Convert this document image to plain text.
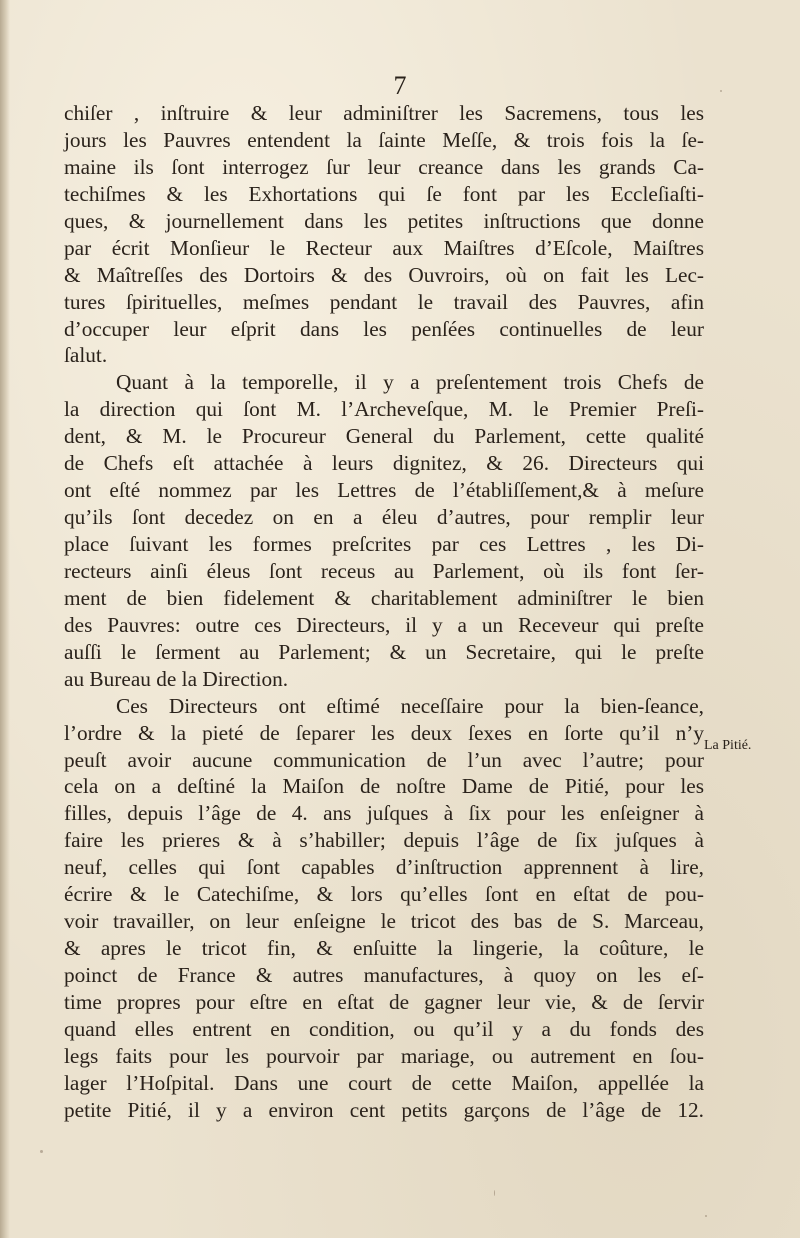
7
chiſer , inſtruire & leur adminiſtrer les Sacremens, tous les
jours les Pauvres entendent la ſainte Meſſe, & trois fois la ſe-
maine ils ſont interrogez ſur leur creance dans les grands Ca-
techiſmes & les Exhortations qui ſe font par les Eccleſiaſti-
ques, & journellement dans les petites inſtructions que donne
par écrit Monſieur le Recteur aux Maiſtres d’Eſcole, Maiſtres
& Maîtreſſes des Dortoirs & des Ouvroirs, où on fait les Lec-
tures ſpirituelles, meſmes pendant le travail des Pauvres, afin
d’occuper leur eſprit dans les penſées continuelles de leur
ſalut.
Quant à la temporelle, il y a preſentement trois Chefs de
la direction qui ſont M. l’Archeveſque, M. le Premier Preſi-
dent, & M. le Procureur General du Parlement, cette qualité
de Chefs eſt attachée à leurs dignitez, & 26. Directeurs qui
ont eſté nommez par les Lettres de l’établiſſement,& à meſure
qu’ils ſont decedez on en a éleu d’autres, pour remplir leur
place ſuivant les formes preſcrites par ces Lettres , les Di-
recteurs ainſi éleus ſont receus au Parlement, où ils font ſer-
ment de bien fidelement & charitablement adminiſtrer le bien
des Pauvres: outre ces Directeurs, il y a un Receveur qui preſte
auſſi le ſerment au Parlement; & un Secretaire, qui le preſte
au Bureau de la Direction.
Ces Directeurs ont eſtimé neceſſaire pour la bien-ſeance,
l’ordre & la pieté de ſeparer les deux ſexes en ſorte qu’il n’y
peuſt avoir aucune communication de l’un avec l’autre; pour
cela on a deſtiné la Maiſon de noſtre Dame de Pitié, pour les
filles, depuis l’âge de 4. ans juſques à ſix pour les enſeigner à
faire les prieres & à s’habiller; depuis l’âge de ſix juſques à
neuf, celles qui ſont capables d’inſtruction apprennent à lire,
écrire & le Catechiſme, & lors qu’elles ſont en eſtat de pou-
voir travailler, on leur enſeigne le tricot des bas de S. Marceau,
& apres le tricot fin, & enſuitte la lingerie, la coûture, le
poinct de France & autres manufactures, à quoy on les eſ-
time propres pour eſtre en eſtat de gagner leur vie, & de ſervir
quand elles entrent en condition, ou qu’il y a du fonds des
legs faits pour les pourvoir par mariage, ou autrement en ſou-
lager l’Hoſpital. Dans une court de cette Maiſon, appellée la
petite Pitié, il y a environ cent petits garçons de l’âge de 12.
La Pitié.
